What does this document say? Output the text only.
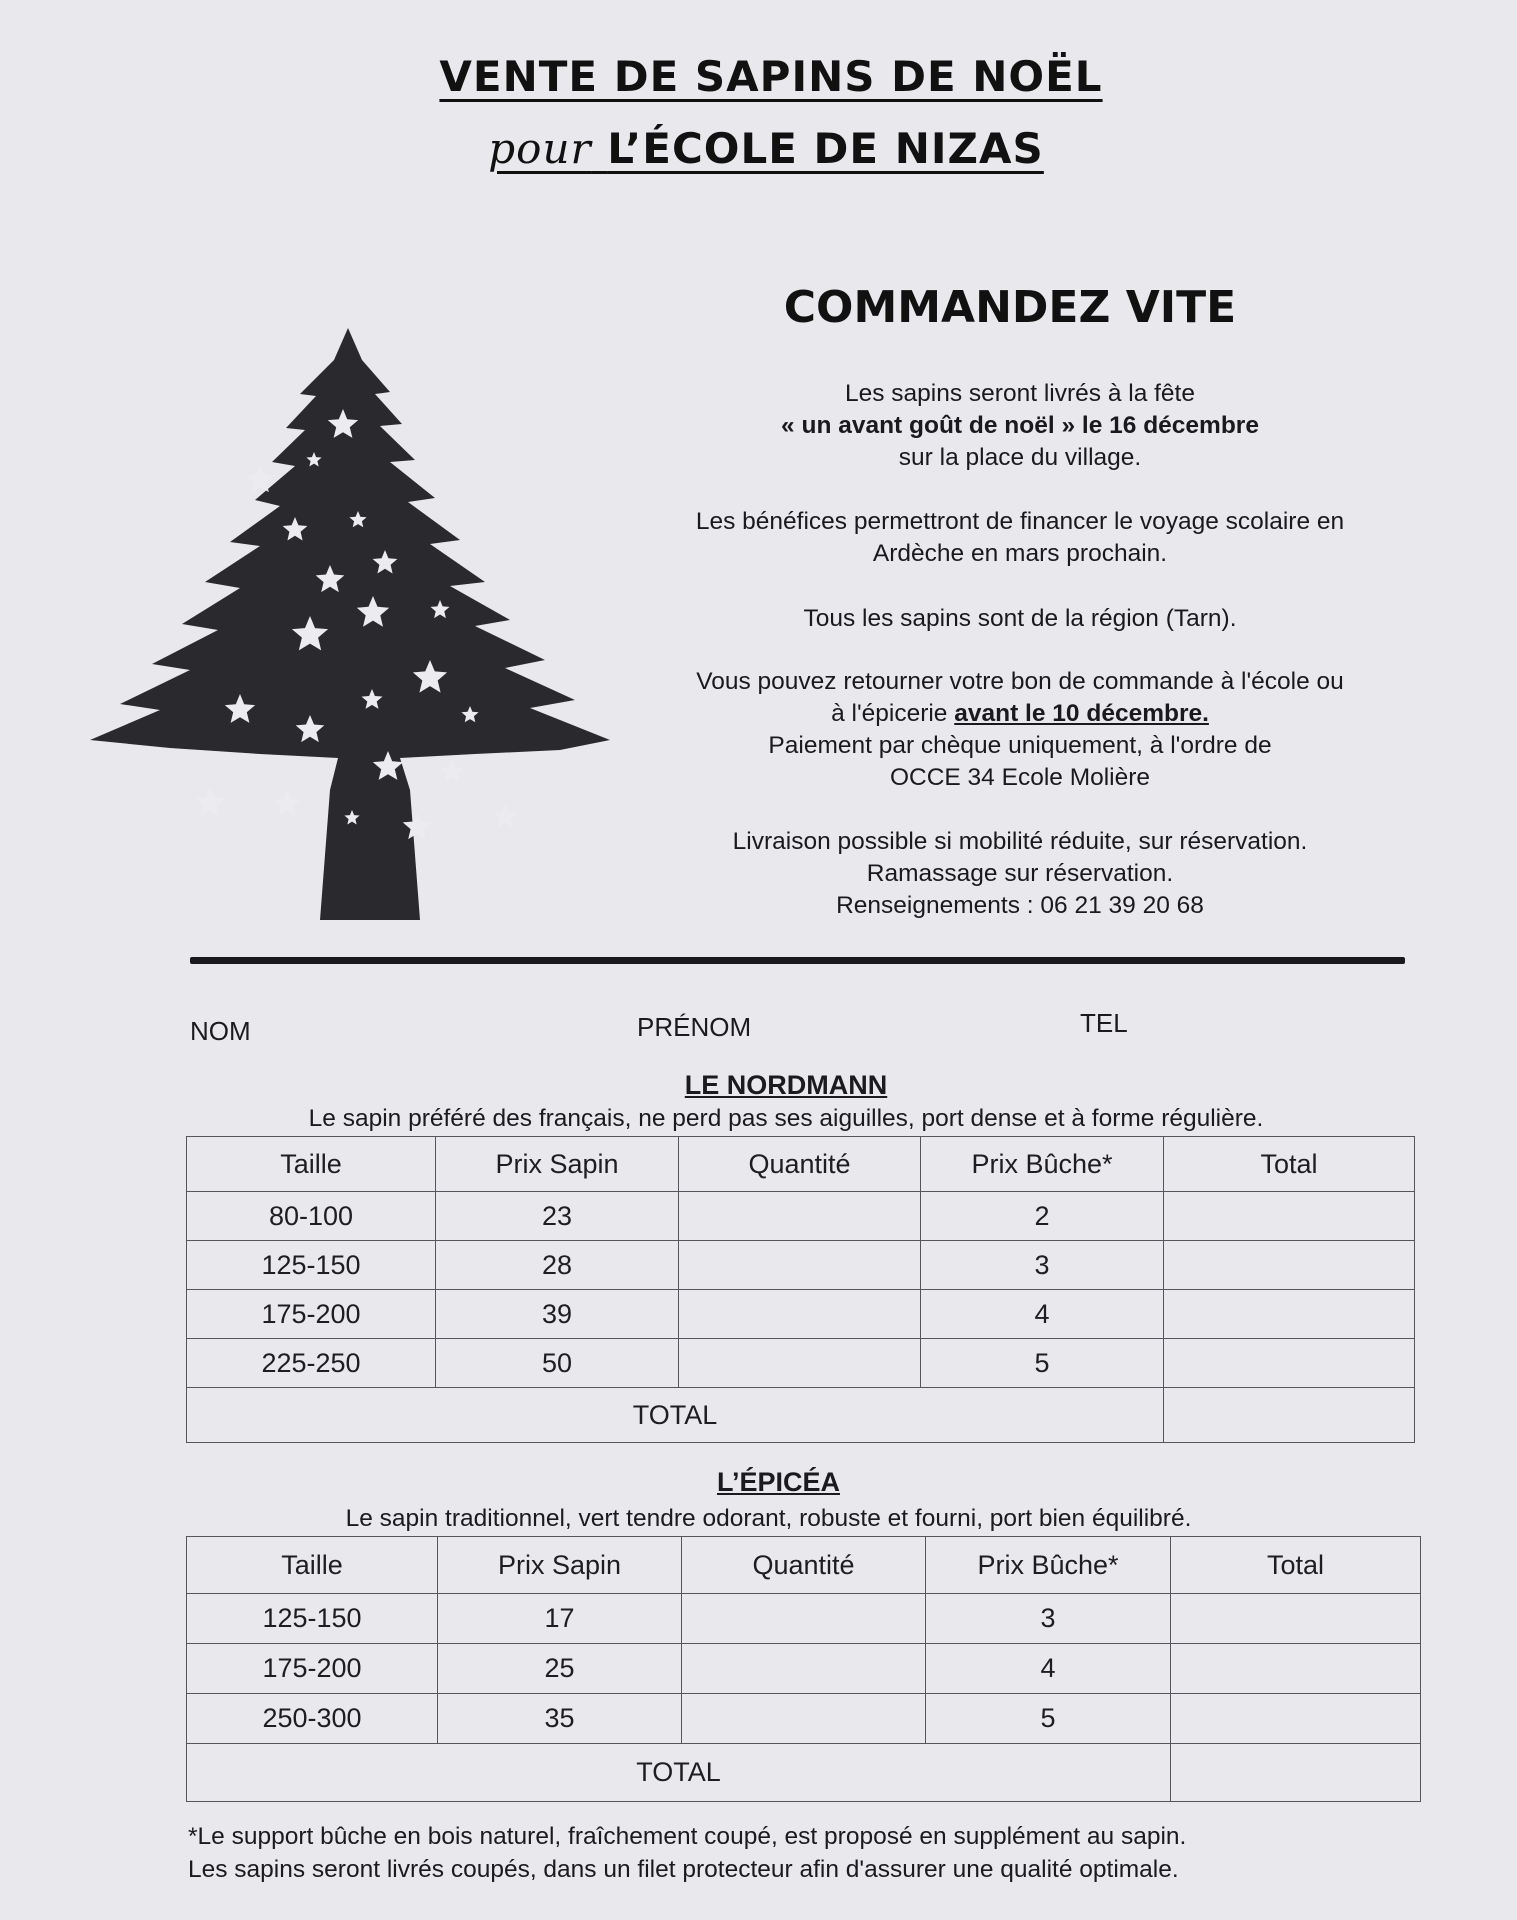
VENTE DE SAPINS DE NOËL
pour L’ÉCOLE DE NIZAS
COMMANDEZ VITE
Les sapins seront livrés à la fête
« un avant goût de noël » le 16 décembre
sur la place du village.
Les bénéfices permettront de financer le voyage scolaire en
Ardèche en mars prochain.
Tous les sapins sont de la région (Tarn).
Vous pouvez retourner votre bon de commande à l'école ou
à l'épicerie avant le 10 décembre.
Paiement par chèque uniquement, à l'ordre de
OCCE 34 Ecole Molière
Livraison possible si mobilité réduite, sur réservation.
Ramassage sur réservation.
Renseignements : 06 21 39 20 68
NOM	PRÉNOM	TEL
LE NORDMANN
Le sapin préféré des français, ne perd pas ses aiguilles, port dense et à forme régulière.
Taille	Prix Sapin	Quantité	Prix Bûche*	Total
80-100	23		2	
125-150	28		3	
175-200	39		4	
225-250	50		5	
TOTAL				
L’ÉPICÉA
Le sapin traditionnel, vert tendre odorant, robuste et fourni, port bien équilibré.
Taille	Prix Sapin	Quantité	Prix Bûche*	Total
125-150	17		3	
175-200	25		4	
250-300	35		5	
TOTAL				
*Le support bûche en bois naturel, fraîchement coupé, est proposé en supplément au sapin.
Les sapins seront livrés coupés, dans un filet protecteur afin d'assurer une qualité optimale.
